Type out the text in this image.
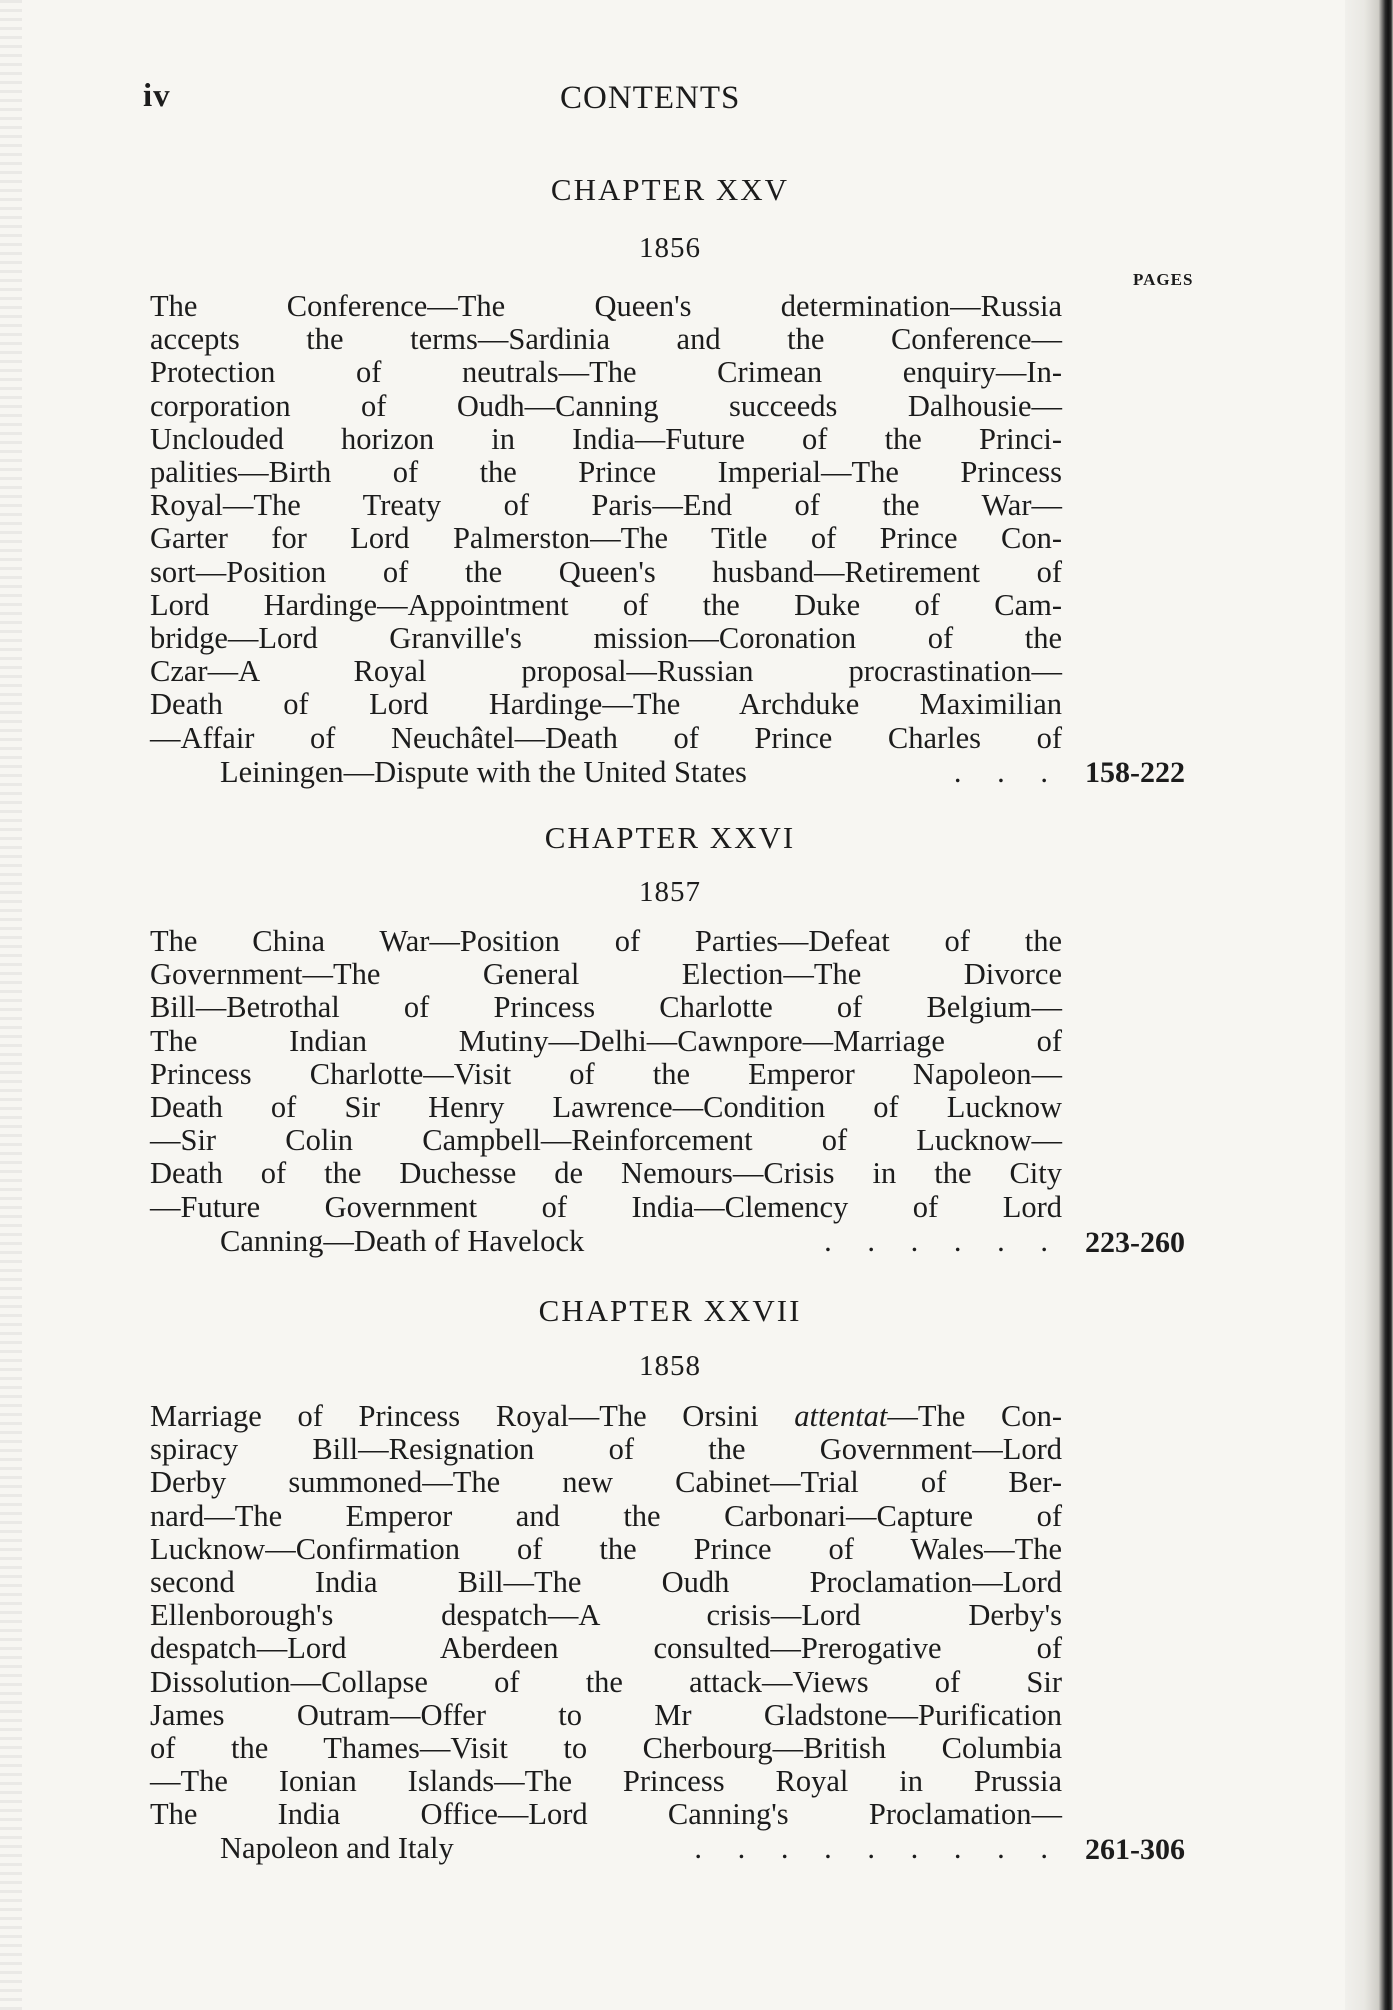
iv	CONTENTS
CHAPTER XXV
1856
PAGES
The Conference—The Queen's determination—Russia
accepts the terms—Sardinia and the Conference—
Protection of neutrals—The Crimean enquiry—In-
corporation of Oudh—Canning succeeds Dalhousie—
Unclouded horizon in India—Future of the Princi-
palities—Birth of the Prince Imperial—The Princess
Royal—The Treaty of Paris—End of the War—
Garter for Lord Palmerston—The Title of Prince Con-
sort—Position of the Queen's husband—Retirement of
Lord Hardinge—Appointment of the Duke of Cam-
bridge—Lord Granville's mission—Coronation of the
Czar—A Royal proposal—Russian procrastination—
Death of Lord Hardinge—The Archduke Maximilian
—Affair of Neuchâtel—Death of Prince Charles of
Leiningen—Dispute with the United States	. . . 158-222
CHAPTER XXVI
1857
The China War—Position of Parties—Defeat of the
Government—The General Election—The Divorce
Bill—Betrothal of Princess Charlotte of Belgium—
The Indian Mutiny—Delhi—Cawnpore—Marriage of
Princess Charlotte—Visit of the Emperor Napoleon—
Death of Sir Henry Lawrence—Condition of Lucknow
—Sir Colin Campbell—Reinforcement of Lucknow—
Death of the Duchesse de Nemours—Crisis in the City
—Future Government of India—Clemency of Lord
Canning—Death of Havelock	. . . . . . 223-260
CHAPTER XXVII
1858
Marriage of Princess Royal—The Orsini attentat—The Con-
spiracy Bill—Resignation of the Government—Lord
Derby summoned—The new Cabinet—Trial of Ber-
nard—The Emperor and the Carbonari—Capture of
Lucknow—Confirmation of the Prince of Wales—The
second India Bill—The Oudh Proclamation—Lord
Ellenborough's despatch—A crisis—Lord Derby's
despatch—Lord Aberdeen consulted—Prerogative of
Dissolution—Collapse of the attack—Views of Sir
James Outram—Offer to Mr Gladstone—Purification
of the Thames—Visit to Cherbourg—British Columbia
—The Ionian Islands—The Princess Royal in Prussia
The India Office—Lord Canning's Proclamation—
Napoleon and Italy	. . . . . . . . . 261-306
